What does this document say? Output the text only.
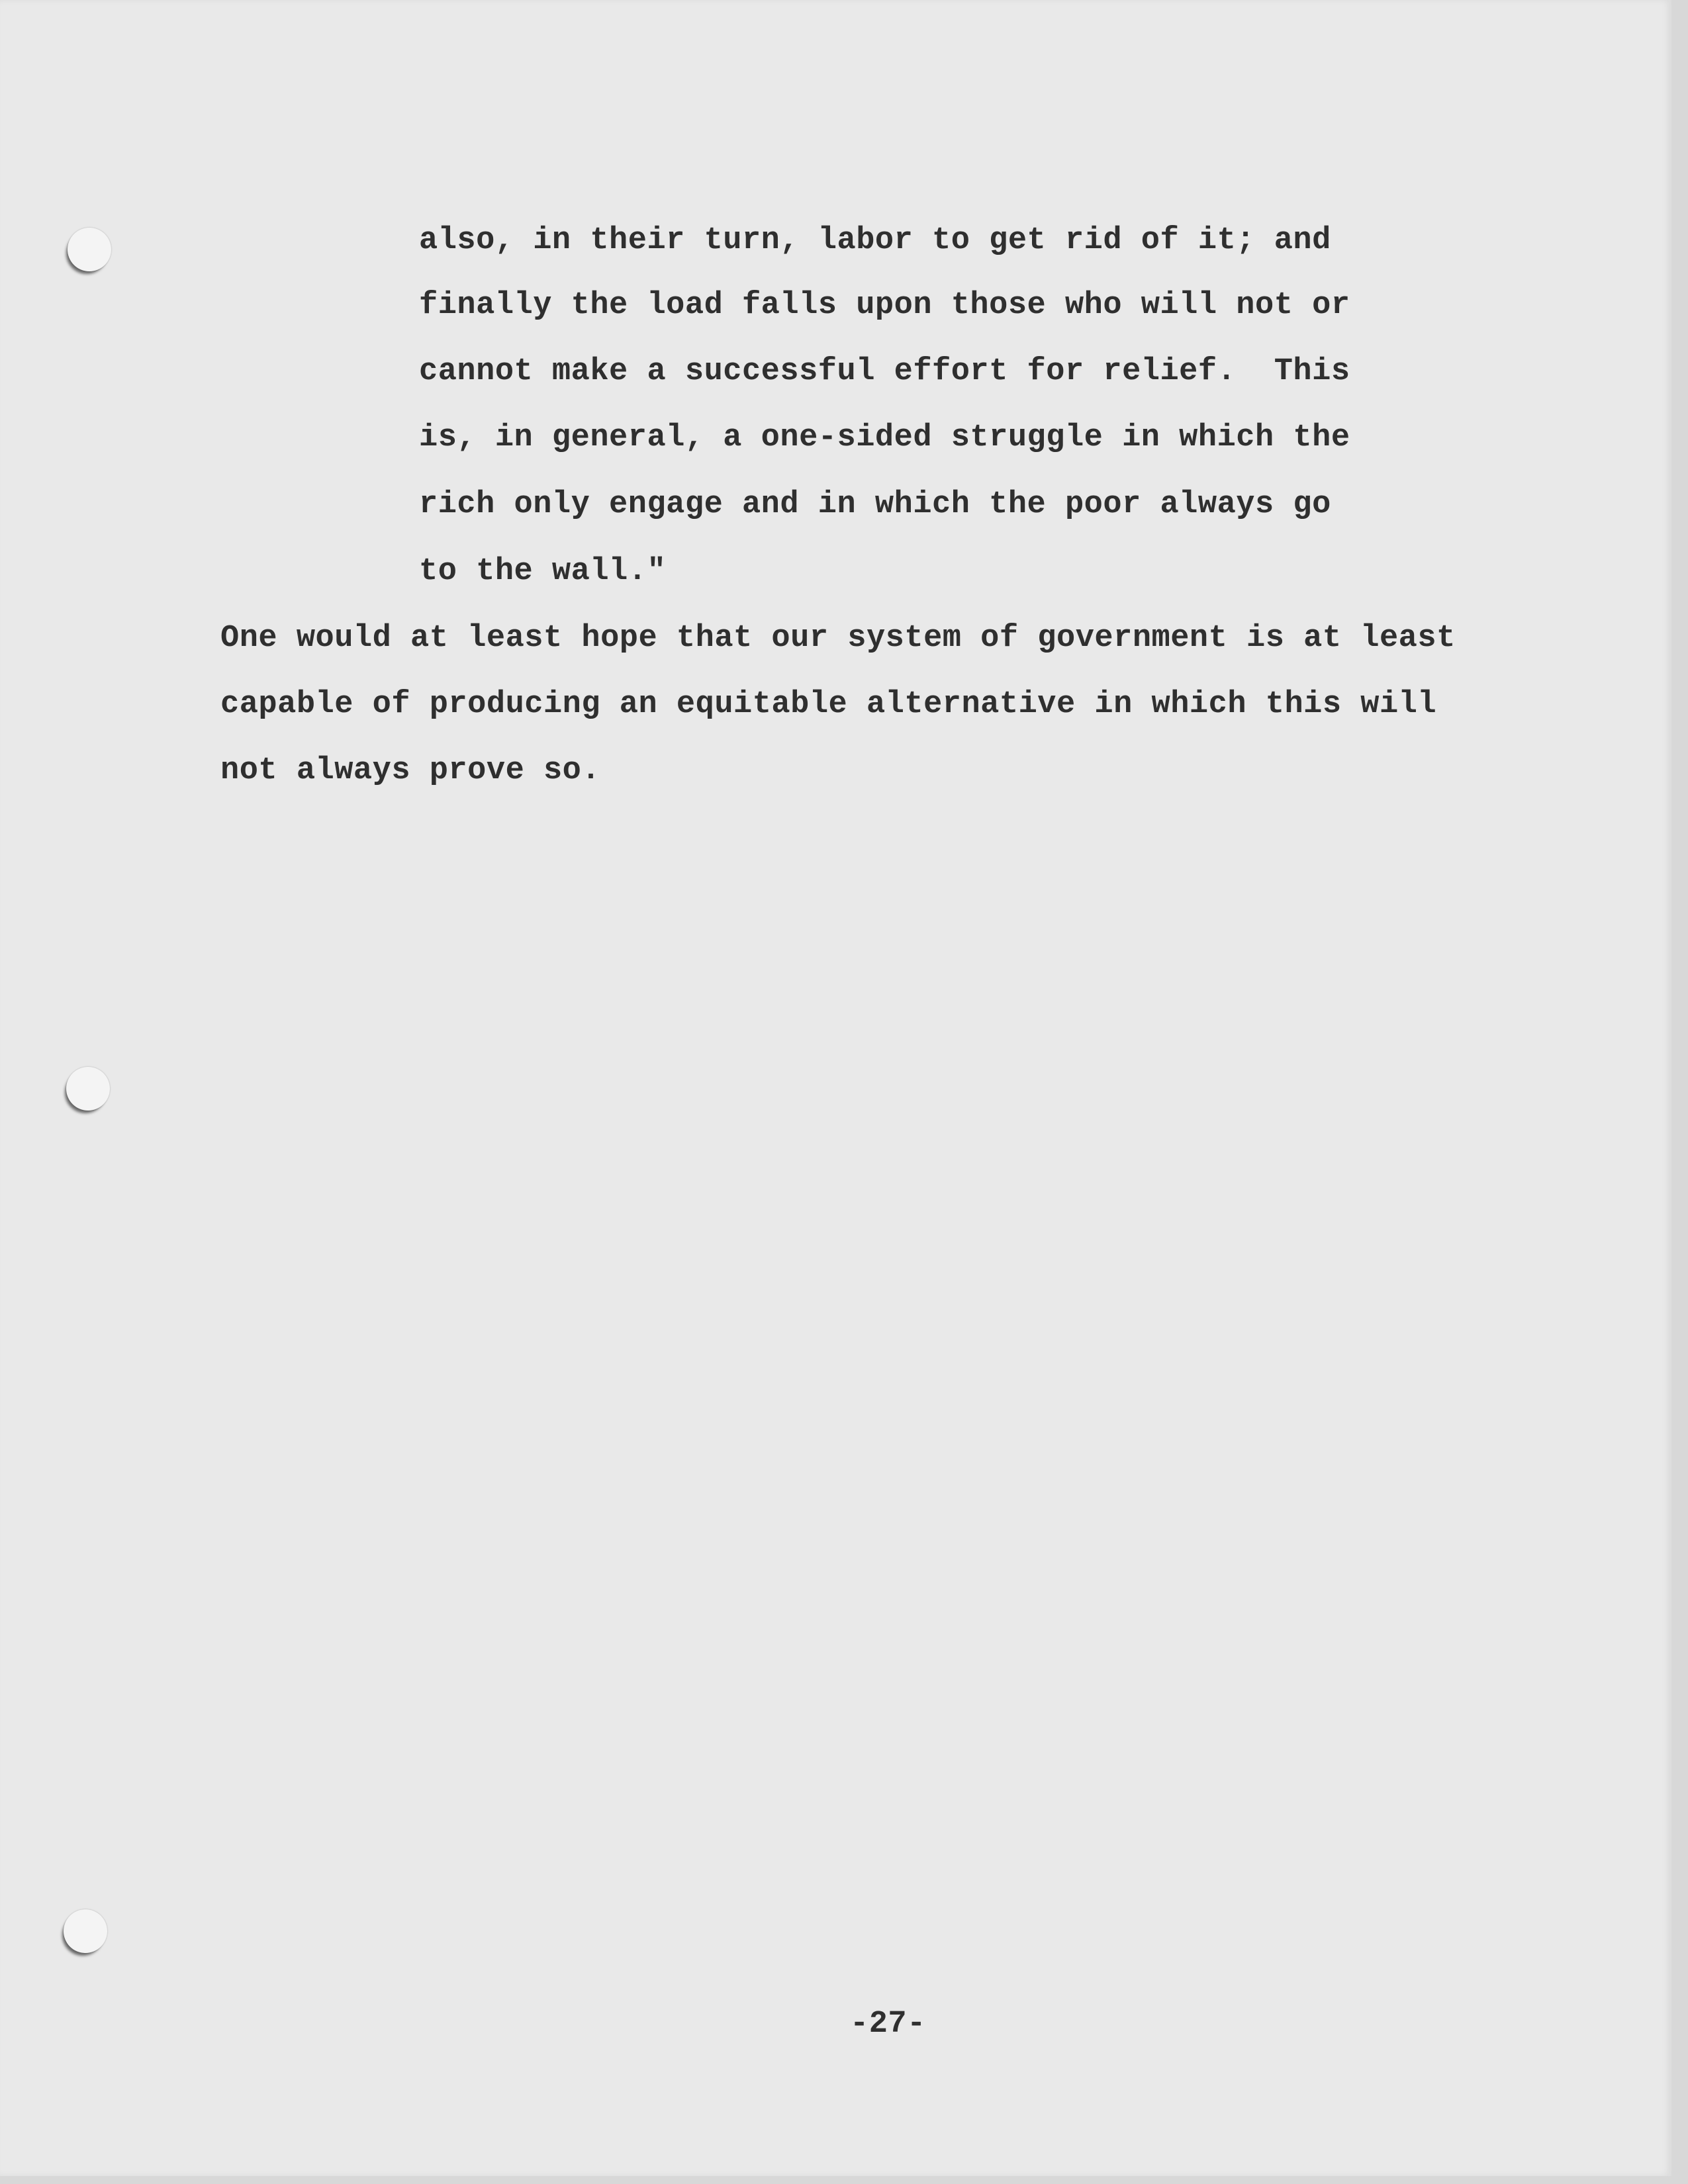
also, in their turn, labor to get rid of it; and
finally the load falls upon those who will not or
cannot make a successful effort for relief.  This
is, in general, a one-sided struggle in which the
rich only engage and in which the poor always go
to the wall."
One would at least hope that our system of government is at least
capable of producing an equitable alternative in which this will
not always prove so.
-27-
